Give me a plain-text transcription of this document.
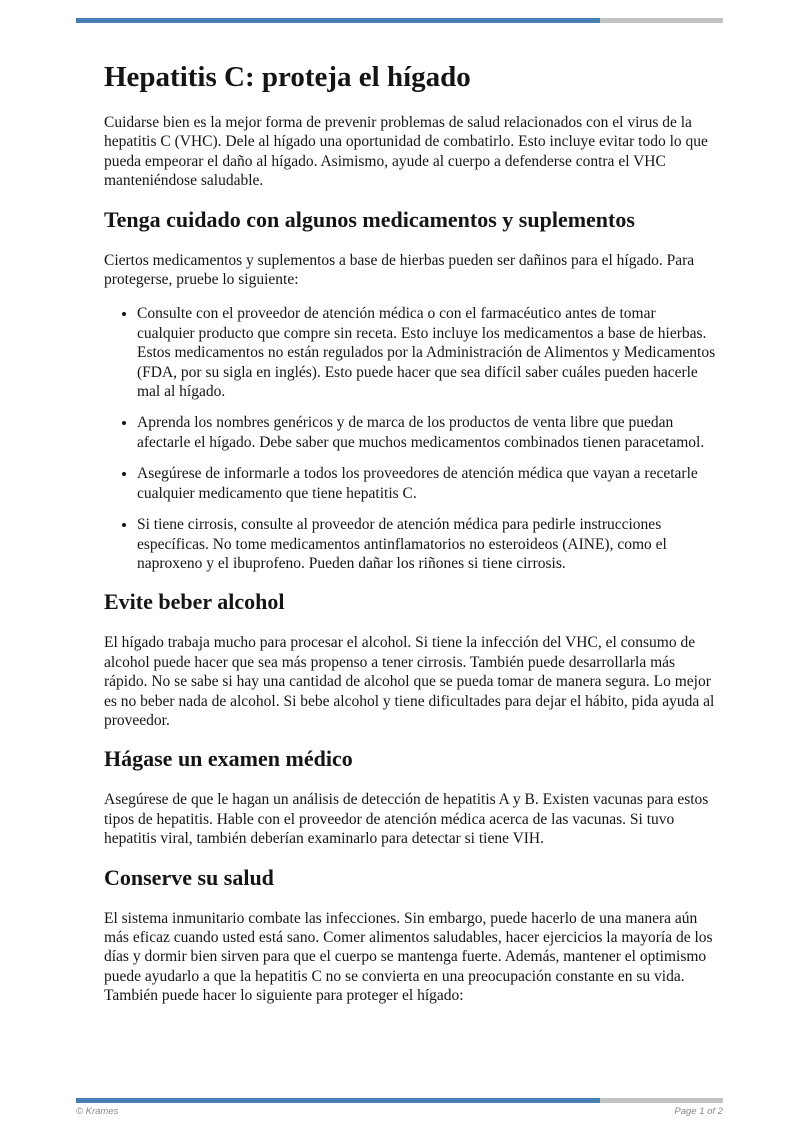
Hepatitis C: proteja el hígado

Cuidarse bien es la mejor forma de prevenir problemas de salud relacionados con el virus de la hepatitis C (VHC). Dele al hígado una oportunidad de combatirlo. Esto incluye evitar todo lo que pueda empeorar el daño al hígado. Asimismo, ayude al cuerpo a defenderse contra el VHC manteniéndose saludable.

Tenga cuidado con algunos medicamentos y suplementos

Ciertos medicamentos y suplementos a base de hierbas pueden ser dañinos para el hígado. Para protegerse, pruebe lo siguiente:

• Consulte con el proveedor de atención médica o con el farmacéutico antes de tomar cualquier producto que compre sin receta. Esto incluye los medicamentos a base de hierbas. Estos medicamentos no están regulados por la Administración de Alimentos y Medicamentos (FDA, por su sigla en inglés). Esto puede hacer que sea difícil saber cuáles pueden hacerle mal al hígado.
• Aprenda los nombres genéricos y de marca de los productos de venta libre que puedan afectarle el hígado. Debe saber que muchos medicamentos combinados tienen paracetamol.
• Asegúrese de informarle a todos los proveedores de atención médica que vayan a recetarle cualquier medicamento que tiene hepatitis C.
• Si tiene cirrosis, consulte al proveedor de atención médica para pedirle instrucciones específicas. No tome medicamentos antinflamatorios no esteroideos (AINE), como el naproxeno y el ibuprofeno. Pueden dañar los riñones si tiene cirrosis.
Evite beber alcohol

El hígado trabaja mucho para procesar el alcohol. Si tiene la infección del VHC, el consumo de alcohol puede hacer que sea más propenso a tener cirrosis. También puede desarrollarla más rápido. No se sabe si hay una cantidad de alcohol que se pueda tomar de manera segura. Lo mejor es no beber nada de alcohol. Si bebe alcohol y tiene dificultades para dejar el hábito, pida ayuda al proveedor.

Hágase un examen médico

Asegúrese de que le hagan un análisis de detección de hepatitis A y B. Existen vacunas para estos tipos de hepatitis. Hable con el proveedor de atención médica acerca de las vacunas. Si tuvo hepatitis viral, también deberían examinarlo para detectar si tiene VIH.

Conserve su salud

El sistema inmunitario combate las infecciones. Sin embargo, puede hacerlo de una manera aún más eficaz cuando usted está sano. Comer alimentos saludables, hacer ejercicios la mayoría de los días y dormir bien sirven para que el cuerpo se mantenga fuerte. Además, mantener el optimismo puede ayudarlo a que la hepatitis C no se convierta en una preocupación constante en su vida. También puede hacer lo siguiente para proteger el hígado:

© Krames	Page 1 of 2
